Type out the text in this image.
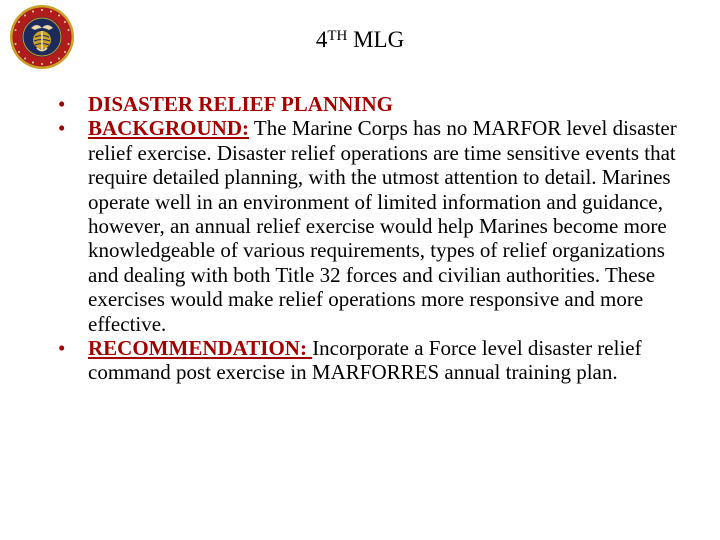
4TH MLG
• DISASTER RELIEF PLANNING
• BACKGROUND: The Marine Corps has no MARFOR level disaster relief exercise. Disaster relief operations are time sensitive events that require detailed planning, with the utmost attention to detail. Marines operate well in an environment of limited information and guidance, however, an annual relief exercise would help Marines become more knowledgeable of various requirements, types of relief organizations and dealing with both Title 32 forces and civilian authorities. These exercises would make relief operations more responsive and more effective.
• RECOMMENDATION: Incorporate a Force level disaster relief command post exercise in MARFORRES annual training plan.
